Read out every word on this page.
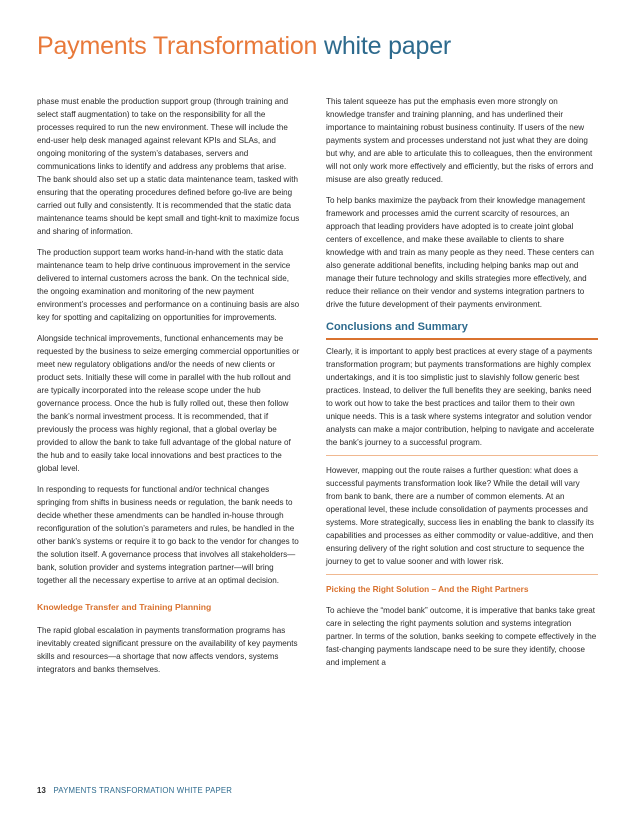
Payments Transformation white paper

phase must enable the production support group (through training and select staff augmentation) to take on the responsibility for all the processes required to run the new environment. These will include the end-user help desk managed against relevant KPIs and SLAs, and ongoing monitoring of the system’s databases, servers and communications links to identify and address any problems that arise. The bank should also set up a static data maintenance team, tasked with ensuring that the operating procedures defined before go-live are being carried out fully and consistently. It is recommended that the static data maintenance teams should be kept small and tight-knit to maximize focus and sharing of information.

The production support team works hand-in-hand with the static data maintenance team to help drive continuous improvement in the service delivered to internal customers across the bank. On the technical side, the ongoing examination and monitoring of the new payment environment’s processes and performance on a continuing basis are also key for spotting and capitalizing on opportunities for improvements.

Alongside technical improvements, functional enhancements may be requested by the business to seize emerging commercial opportunities or meet new regulatory obligations and/or the needs of new clients or product sets. Initially these will come in parallel with the hub rollout and are typically incorporated into the release scope under the hub governance process. Once the hub is fully rolled out, these then follow the bank’s normal investment process. It is recommended, that if previously the process was highly regional, that a global overlay be provided to allow the bank to take full advantage of the global nature of the hub and to easily take local innovations and best practices to the global level.

In responding to requests for functional and/or technical changes springing from shifts in business needs or regulation, the bank needs to decide whether these amendments can be handled in-house through reconfiguration of the solution’s parameters and rules, be handled in the other bank’s systems or require it to go back to the vendor for changes to the solution itself. A governance process that involves all stakeholders—bank, solution provider and systems integration partner—will bring together all the necessary expertise to arrive at an optimal decision.

Knowledge Transfer and Training Planning

The rapid global escalation in payments transformation programs has inevitably created significant pressure on the availability of key payments skills and resources—a shortage that now affects vendors, systems integrators and banks themselves.

This talent squeeze has put the emphasis even more strongly on knowledge transfer and training planning, and has underlined their importance to maintaining robust business continuity. If users of the new payments system and processes understand not just what they are doing but why, and are able to articulate this to colleagues, then the environment will not only work more effectively and efficiently, but the risks of errors and misuse are also greatly reduced.

To help banks maximize the payback from their knowledge management framework and processes amid the current scarcity of resources, an approach that leading providers have adopted is to create joint global centers of excellence, and make these available to clients to share knowledge with and train as many people as they need. These centers can also generate additional benefits, including helping banks map out and manage their future technology and skills strategies more effectively, and reduce their reliance on their vendor and systems integration partners to drive the future development of their payments environment.

Conclusions and Summary

Clearly, it is important to apply best practices at every stage of a payments transformation program; but payments transformations are highly complex undertakings, and it is too simplistic just to slavishly follow generic best practices. Instead, to deliver the full benefits they are seeking, banks need to work out how to take the best practices and tailor them to their own unique needs. This is a task where systems integrator and solution vendor analysts can make a major contribution, helping to navigate and accelerate the bank’s journey to a successful program.

However, mapping out the route raises a further question: what does a successful payments transformation look like? While the detail will vary from bank to bank, there are a number of common elements. At an operational level, these include consolidation of payments processes and systems. More strategically, success lies in enabling the bank to classify its capabilities and processes as either commodity or value-additive, and then ensuring delivery of the right solution and cost structure to sequence the journey to get to value sooner and with lower risk.

Picking the Right Solution – And the Right Partners

To achieve the “model bank” outcome, it is imperative that banks take great care in selecting the right payments solution and systems integration partner. In terms of the solution, banks seeking to compete effectively in the fast-changing payments landscape need to be sure they identify, choose and implement a

13 PAYMENTS TRANSFORMATION WHITE PAPER
